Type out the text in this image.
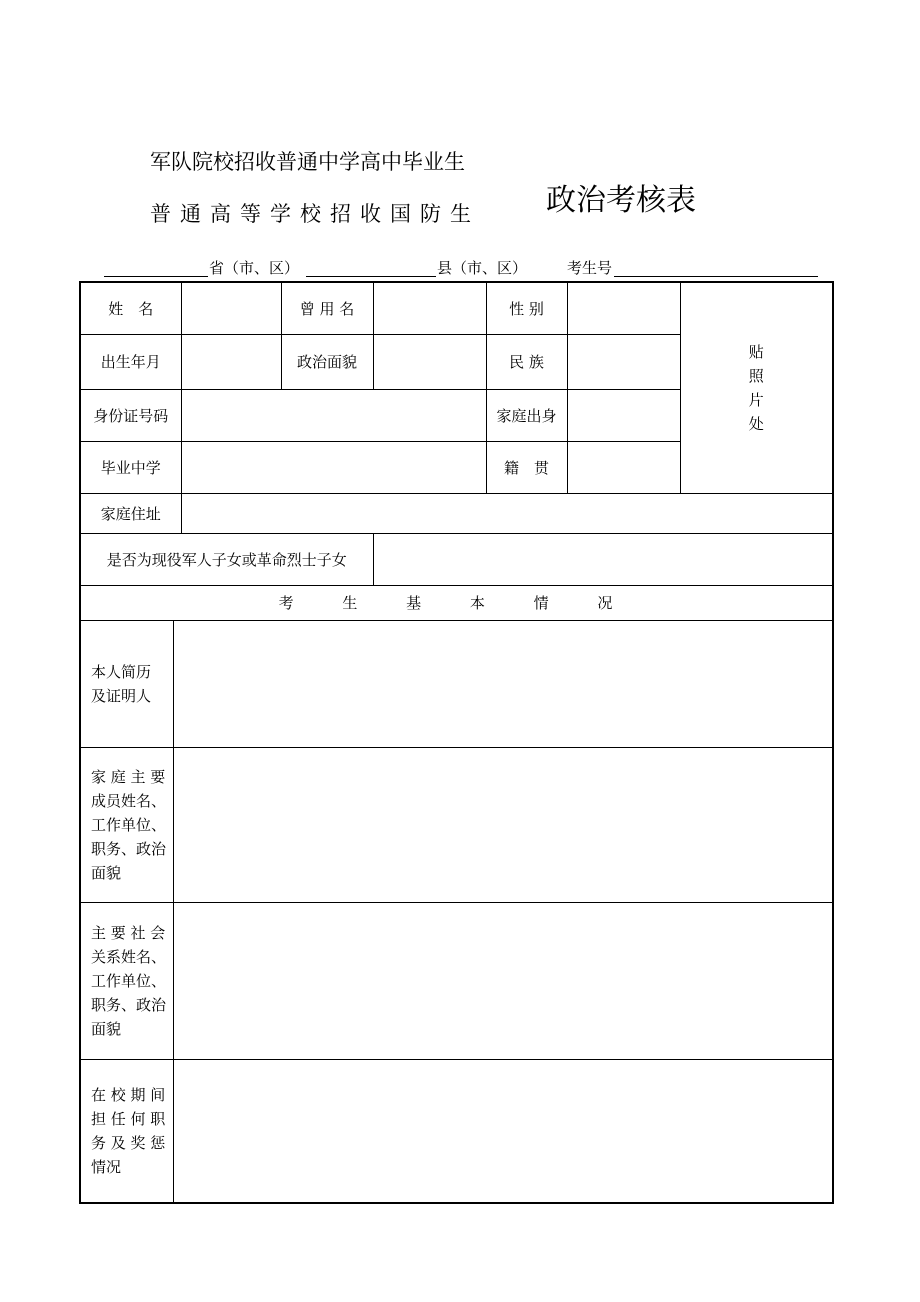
军队院校招收普通中学高中毕业生
普通高等学校招收国防生 政治考核表
省（市、区）	县（市、区）	考生号
姓　名			曾 用 名		性 别		贴
照
片
处

出生年月			政治面貌		民 族		
身份证号码					家庭出身		
毕业中学					籍　贯		
家庭住址							
是否为现役军人子女或革命烈士子女							
考 生 基 本 情 况							

本人简历
及证明人							

家 庭 主 要
成员姓名、
工作单位、
职务、政治
面貌							

主 要 社 会
关系姓名、
工作单位、
职务、政治
面貌							

在 校 期 间
担 任 何 职
务 及 奖 惩
情况							
